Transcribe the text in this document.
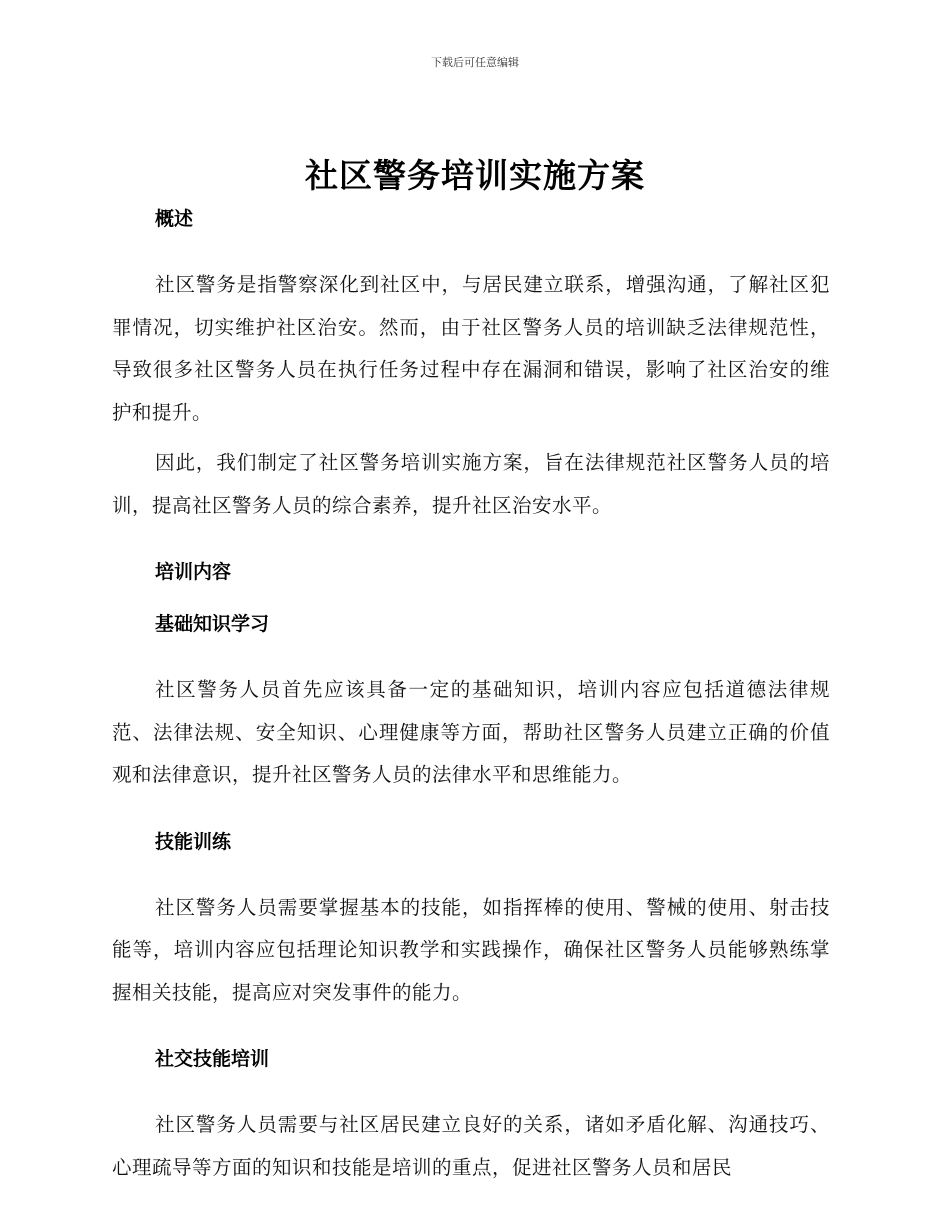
下载后可任意编辑
社区警务培训实施方案
概述

社区警务是指警察深化到社区中，与居民建立联系，增强沟通，了解社区犯罪情况，切实维护社区治安。然而，由于社区警务人员的培训缺乏法律规范性，导致很多社区警务人员在执行任务过程中存在漏洞和错误，影响了社区治安的维护和提升。

因此，我们制定了社区警务培训实施方案，旨在法律规范社区警务人员的培训，提高社区警务人员的综合素养，提升社区治安水平。

培训内容
基础知识学习

社区警务人员首先应该具备一定的基础知识，培训内容应包括道德法律规范、法律法规、安全知识、心理健康等方面，帮助社区警务人员建立正确的价值观和法律意识，提升社区警务人员的法律水平和思维能力。

技能训练

社区警务人员需要掌握基本的技能，如指挥棒的使用、警械的使用、射击技能等，培训内容应包括理论知识教学和实践操作，确保社区警务人员能够熟练掌握相关技能，提高应对突发事件的能力。

社交技能培训

社区警务人员需要与社区居民建立良好的关系，诸如矛盾化解、沟通技巧、心理疏导等方面的知识和技能是培训的重点，促进社区警务人员和居民
